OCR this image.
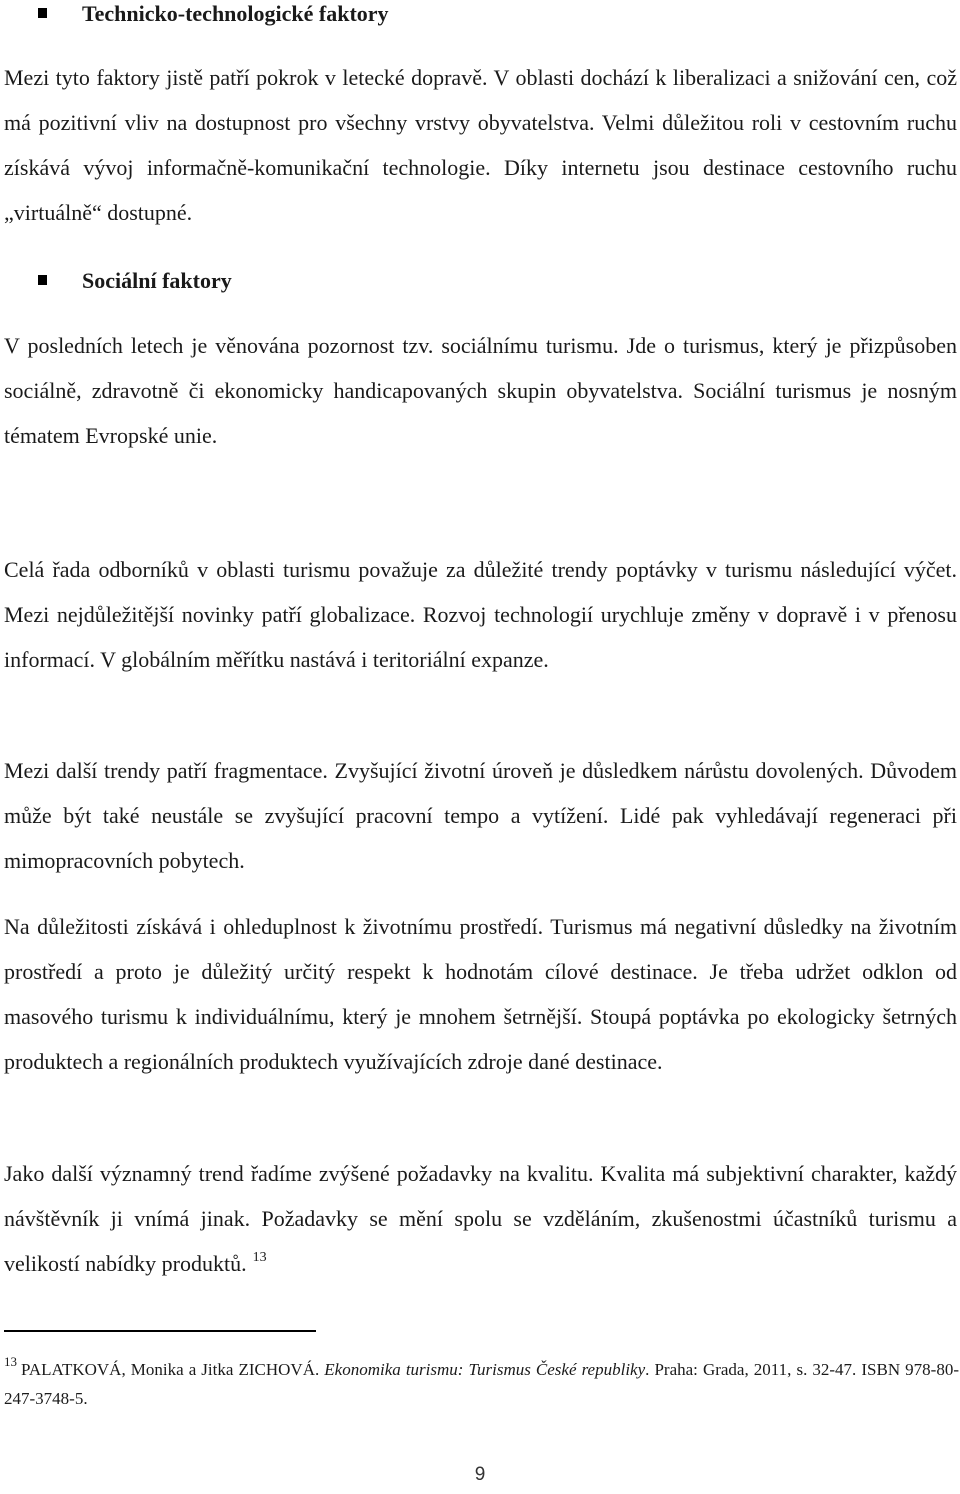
Technicko-technologické faktory

Mezi tyto faktory jistě patří pokrok v letecké dopravě. V oblasti dochází k liberalizaci a snižování cen, což má pozitivní vliv na dostupnost pro všechny vrstvy obyvatelstva. Velmi důležitou roli v cestovním ruchu získává vývoj informačně-komunikační technologie. Díky internetu jsou destinace cestovního ruchu „virtuálně“ dostupné.

Sociální faktory

V posledních letech je věnována pozornost tzv. sociálnímu turismu. Jde o turismus, který je přizpůsoben sociálně, zdravotně či ekonomicky handicapovaných skupin obyvatelstva. Sociální turismus je nosným tématem Evropské unie.

Celá řada odborníků v oblasti turismu považuje za důležité trendy poptávky v turismu následující výčet. Mezi nejdůležitější novinky patří globalizace. Rozvoj technologií urychluje změny v dopravě i v přenosu informací. V globálním měřítku nastává i teritoriální expanze.

Mezi další trendy patří fragmentace. Zvyšující životní úroveň je důsledkem nárůstu dovolených. Důvodem může být také neustále se zvyšující pracovní tempo a vytížení. Lidé pak vyhledávají regeneraci při mimopracovních pobytech.

Na důležitosti získává i ohleduplnost k životnímu prostředí. Turismus má negativní důsledky na životním prostředí a proto je důležitý určitý respekt k hodnotám cílové destinace. Je třeba udržet odklon od masového turismu k individuálnímu, který je mnohem šetrnější. Stoupá poptávka po ekologicky šetrných produktech a regionálních produktech využívajících zdroje dané destinace.

Jako další významný trend řadíme zvýšené požadavky na kvalitu. Kvalita má subjektivní charakter, každý návštěvník ji vnímá jinak. Požadavky se mění spolu se vzděláním, zkušenostmi účastníků turismu a velikostí nabídky produktů. $^{13}$

$^{13}$ PALATKOVÁ, Monika a Jitka ZICHOVÁ. Ekonomika turismu: Turismus České republiky. Praha: Grada, 2011, s. 32-47. ISBN 978-80-247-3748-5.

9
